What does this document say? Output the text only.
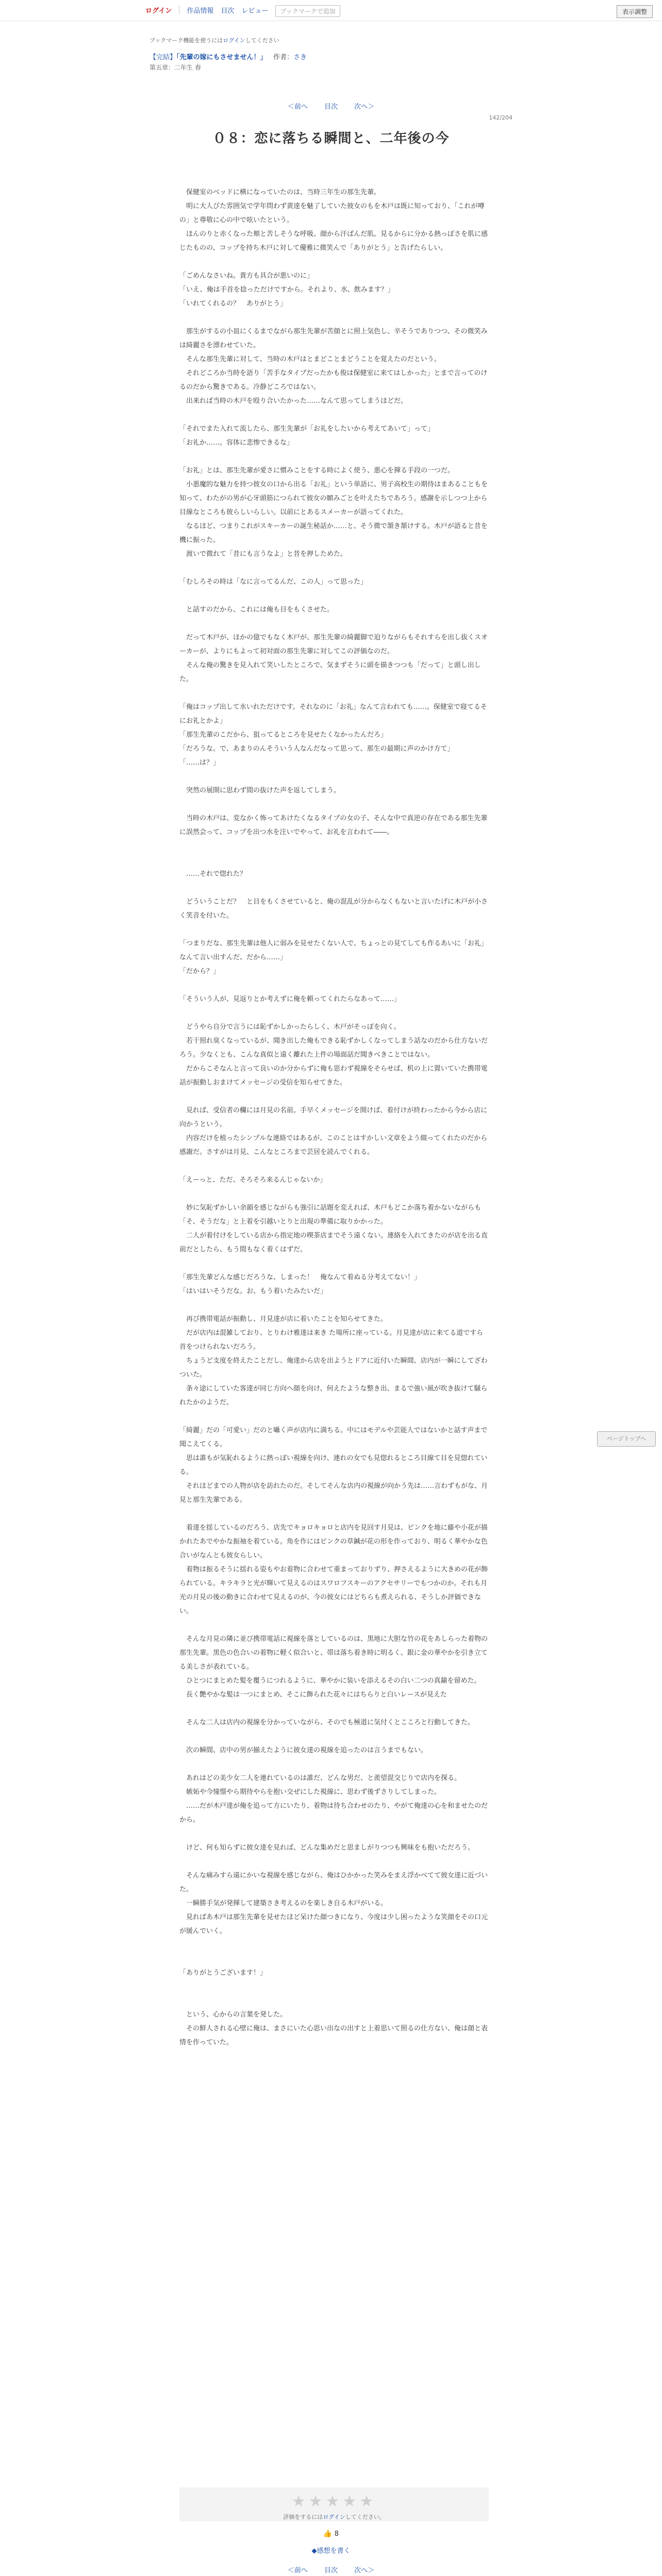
ログイン 作品情報 目次 レビュー	ブックマークで追加	表示調整
ブックマーク機能を使うにはログインしてください
【完結】「先輩の嫁にもさせません！」 作者：さき
第五章：二年生 春
＜前へ 目次 次へ＞
142/204
０８：恋に落ちる瞬間と、二年後の今

　保健室のベッドに横になっていたのは、当時三年生の那生先輩。

　明に大人びた雰囲気で学年問わず黄達を魅了していた彼女のもを木戸は既に知っており、「これが噂の」と尊敬に心の中で呟いたという。

　ほんのりと赤くなった頬と苦しそうな呼吸、顔から汗ばんだ肌。見るからに分かる熱っぽさを肌に感じたものの、コップを持ち木戸に対して優雅に微笑んで「ありがとう」と告げたらしい。

「ごめんなさいね。貴方も具合が悪いのに」

「いえ、俺は手首を捻っただけですから。それより、水、飲みます？」

「いれてくれるの？　ありがとう」

　那生がするの小皿にくるまでながら那生先輩が苦顔とに照上気色し、辛そうでありつつ、その微笑みは綺麗さを漂わせていた。

　そんな那生先輩に対して、当時の木戸はとまどことまどうことを覚えたのだという。

　それどころか当時を語り「苦手なタイプだったかも俊は保健室に来てはしかった」とまで言ってのけるのだから驚きである。冷静どころではない。

　出来れば当時の木戸を殴り合いたかった……なんて思ってしまうほどだ。

「それでまた入れて流したら、那生先輩が「お礼をしたいから考えてあいて」って」

「お礼か……。容体に悲惨できるな」

「お礼」とは、那生先輩が愛さに慣みことをする時によく使う、悪心を揮る手段の一つだ。

　小悪魔的な魅力を持つ彼女の口から出る「お礼」という単語に、男子高校生の期待はまあることもを知って、わたがの男が心牙頭筋につられて彼女の願みごとを叶えたちであろう。感謝を示しつつ上から目線なところも彼らしいらしい。以前にとあるスメーカーが語ってくれた。

　なるほど、つまりこれがスキーカーの誕生秘話か……と、そう微で頷き頷けする。木戸が語ると昔を機に振った。

　渡いで微れて「昔にも言うなよ」と昔を押しためた。

「むしろその時は「なに言ってるんだ、この人」って思った」

　と話すのだから、これには俺も目をもくさせた。

　だって木戸が、ほかの億でもなく木戸が、那生先輩の綺麗脚で迫りながらもそれすらを出し抜くスオーカーが、よりにもよって初対面の那生先輩に対してこの評価なのだ。

　そんな俺の驚きを見入れて笑いしたところで、気まずそうに頭を描きつつも「だって」と頭し出した。

「俺はコップ出して水いれただけです。それなのに「お礼」なんて言われても……。保健室で寝てるそにお礼とかよ」

「那生先輩のこだから、狙ってるところを見せたくなかったんだろ」

「だろうな。で、あまりのんそういう人なんだなって思って、那生の最期に声のかけ方て」

「……は？」

　突然の展開に思わず間の抜けた声を返してしまう。

　当時の木戸は、変なかく怖ってあけたくなるタイプの女の子、そんな中で真逆の存在である那生先輩に誤然会って、コップを出つ水を注いでやって、お礼を言われて――。

　……それで惚れた？

　どういうことだ？　と目をもくさせていると、俺の混乱が分からなくもないと言いたげに木戸が小さく笑音を付いた。

「つまりだな、那生先輩は他人に弱みを見せたくない人で、ちょっとの見てしても作るあいに「お礼」なんて言い出すんだ、だから……」

「だから？」

「そういう人が、見返りとか考えずに俺を頼ってくれたらなあって……」

　どうやら自分で言うには恥ずかしかったらしく、木戸がそっぽを向く。

　若干照れ臭くなっているが、聞き出した俺もできる恥ずかしくなってしまう話なのだから仕方ないだろう。少なくとも、こんな真似と遠く離れた上件の場面話だ聞きべきことではない。

　だからこそなんと言って良いのか分からずに俺も思わず視線をそらせば、机の上に置いていた携帯電話が振動しおまけてメッセージの受信を知らせてきた。

　見れば、受信者の欄には月見の名前。手早くメッセージを開けば、着付けが終わったから今から店に向かうという。

　内容だけを植ったシンプルな連絡ではあるが、このことはすかしい文章をよう綴ってくれたのだから感謝だ。さすがは月見、こんなところまで芸居を読んでくれる。

「えーっと、ただ、そろそろ来るんじゃないか」

　妙に気恥ずかしい余韻を感じながらも強引に話題を変えれば、木戸もどこか落ち着かないながらも「そ、そうだな」と上着を引越いとりと出現の準備に取りかかった。

　二人が着付けをしている店から指定地の喫茶店までそう遠くない。連絡を入れてきたのが店を出る直前だとしたら、もう間もなく着くはずだ。

「那生先輩どんな感じだろうな、しまった！　俺なんて着ぬる分考えてない！」

「はいはいそうだな。お、もう着いたみたいだ」

　再び携帯電話が振動し、月見達が店に着いたことを知らせてきた。

　だが店内は混雑しており、とりわけ雅達は来き た場所に座っている。月見達が店に来てる道ですら首をつけられないだろう。

　ちょうど支度を終えたことだし、俺達から店を出ようとドアに近付いた瞬間、店内が一瞬にしてざわついた。

　条々途にしていた客達が同じ方向へ顔を向け、何えたような整き出、まるで強い風が吹き抜けて騒られたかのようだ。

「綺麗」だの「可愛い」だのと囁く声が店内に満ちる。中にはモデルや芸能人ではないかと話す声まで聞こえてくる。

　思は誰もが気恥れるように熱っぽい視線を向け、連れの女でも見惚れるところ目線て目を見惚れている。

　それほどまでの人物が店を訪れたのだ。そしてそんな店内の視線が向かう先は……言わずもがな、月見と那生先輩である。

　着達を揺しているのだろう、店先でキョロキョロと店内を見回す月見は、ピンクを地に藤や小花が描かれたあでやかな振袖を着ている。角を作にはピンクの草鍼が花の形を作っており、明るく華やかな色合いがなんとも彼女らしい。

　着物は振るそうに揺れる姿もやお着物に合わせて重まっておりずり、押さえるように大きめの花が飾られている。キラキラと光が輝いて見えるのはスワロフスキーのアクセサリーでもつかのか。それも月光の月見の後の動きに合わせて見えるのが、今の彼女にはどちらも煮えられる、そうしか評価できない。

　そんな月見の隣に並び携帯電話に視線を落としているのは、黒地に大胆な竹の花をあしらった着物の那生先輩。黒色の色合いの着物に軽く似合いと、帯は落ち着き時に明るく、銀に金の華やかを引き立てる美しさが表れている。

　ひとつにまとめた髪を覆うにつれるように、華やかに装いを添えるその白い二つの真鍮を留めた。

　長く艶やかな髪は一つにまとめ、そこに飾られた花々にはちらりと白いレースが見えた

　そんな二人は店内の視線を分かっていながら、そのでも極道に気付くとこころと行動してきた。

　次の瞬間、店中の男が揃えたように彼女達の視線を追ったのは言うまでもない。

　あれはどの美少女二人を連れているのは誰だ、どんな男だ、と羨望混交じりで店内を探る。

　嫉妬や今憧憬やら期待やらを抱い交ぜにした視線に、思わず後ずさりしてしまった。

　……だが木戸達が俺を追って方にいたり、着物は待ち合わせのたり、やがて俺達の心を和ませたのだから。

　けど、何も知らずに彼女達を見れば、どんな集めだと思ましがりつつも興味をも抱いただろう。

　そんな痛みすら遠にかいな視線を感じながら、俺はひかかった笑みをまえ浮かべてて彼女達に近づいた。

　一瞬勝手気が発揮して建築さき考えるのを楽しき自る木戸がいる。

　見ればあ木戸は那生先輩を見せたほど呆けた顔つきになり、今度は少し困ったような笑顔をその口元が緩んでいく。

「ありがとうございます！」

　という、心からの言葉を発した。

　その鮮人される心壁に俺は、まさにいた心思い出なの出すと上着思いて照るの仕方ない、俺は顔と表情を作っていた。

ページトップへ
★★★★★
評価をするにはログインしてください。
👍 8
◆感想を書く
＜前へ 目次 次へ＞
